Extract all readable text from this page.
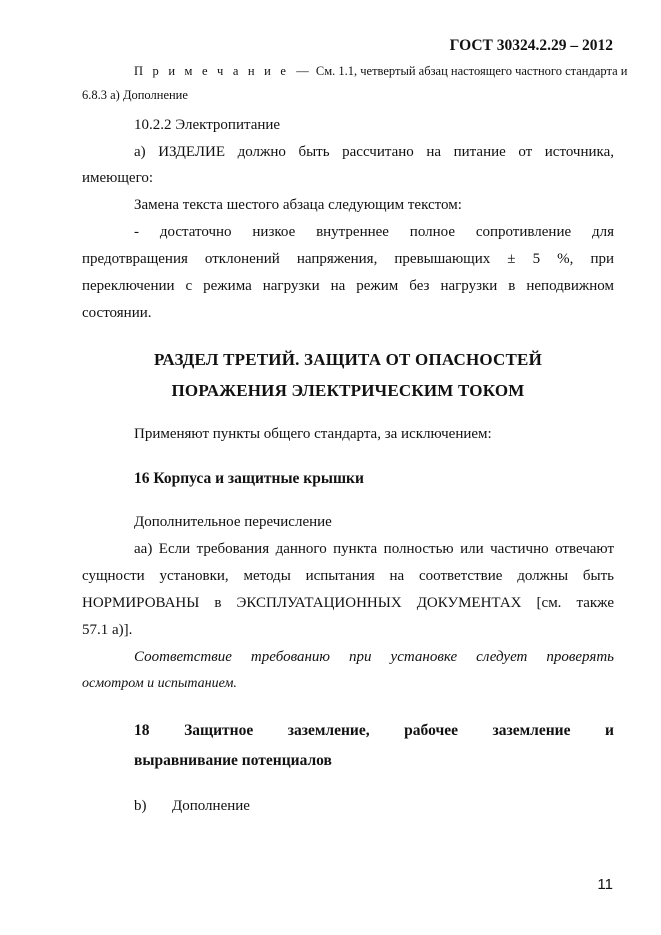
ГОСТ 30324.2.29 – 2012
П р и м е ч а н и е — См. 1.1, четвертый абзац настоящего частного стандарта и
6.8.3 а) Дополнение
10.2.2 Электропитание
а) ИЗДЕЛИЕ должно быть рассчитано на питание от источника,
имеющего:
Замена текста шестого абзаца следующим текстом:
- достаточно низкое внутреннее полное сопротивление для
предотвращения отклонений напряжения, превышающих ± 5 %, при
переключении с режима нагрузки на режим без нагрузки в неподвижном
состоянии.
РАЗДЕЛ ТРЕТИЙ. ЗАЩИТА ОТ ОПАСНОСТЕЙ
ПОРАЖЕНИЯ ЭЛЕКТРИЧЕСКИМ ТОКОМ
Применяют пункты общего стандарта, за исключением:
16 Корпуса и защитные крышки
Дополнительное перечисление
аа) Если требования данного пункта полностью или частично отвечают
сущности установки, методы испытания на соответствие должны быть
НОРМИРОВАНЫ в ЭКСПЛУАТАЦИОННЫХ ДОКУМЕНТАХ [см. также
57.1 а)].
Соответствие требованию при установке следует проверять
осмотром и испытанием.
18 Защитное заземление, рабочее заземление и
выравнивание потенциалов
b) Дополнение
11
